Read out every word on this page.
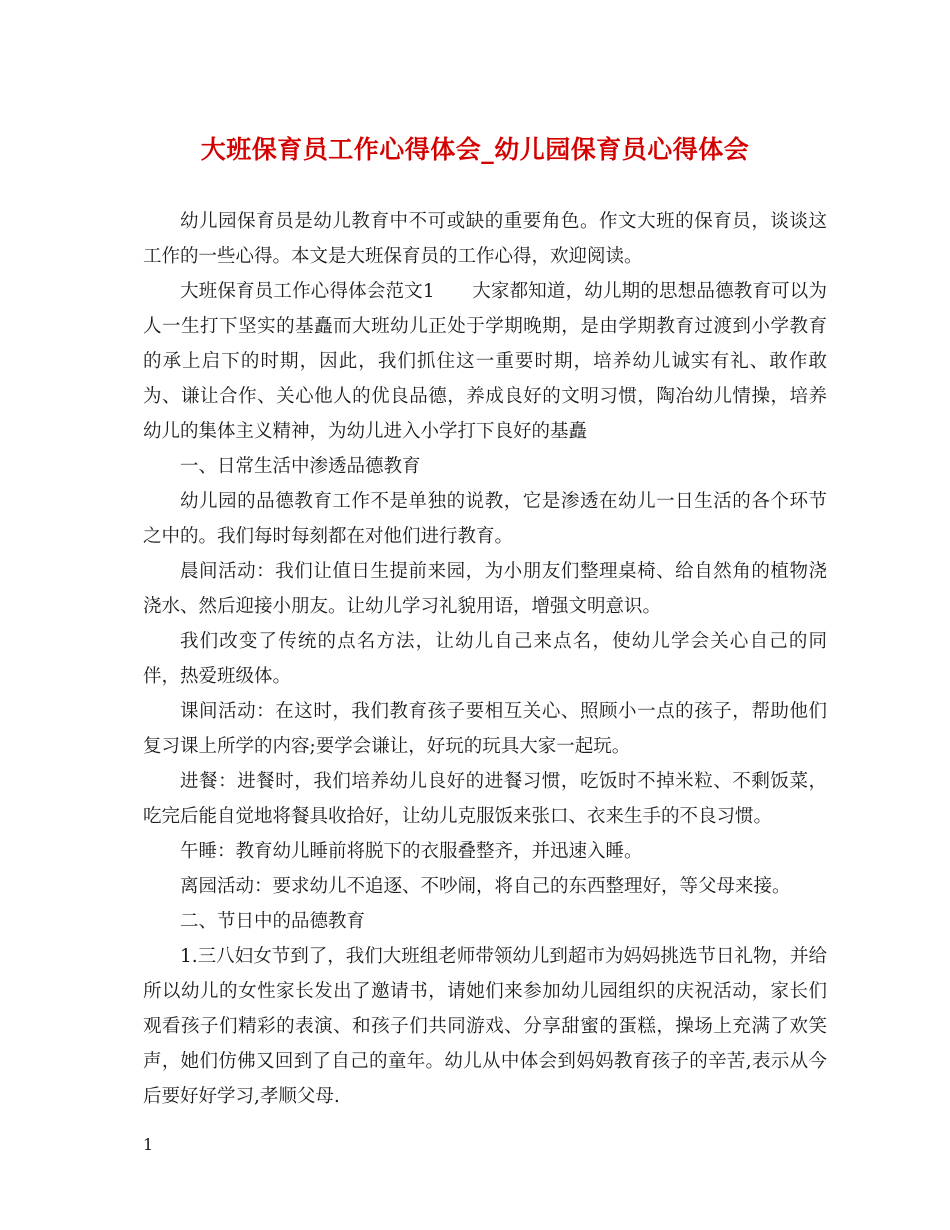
大班保育员工作心得体会_幼儿园保育员心得体会

幼儿园保育员是幼儿教育中不可或缺的重要角色。作文大班的保育员，谈谈这工作的一些心得。本文是大班保育员的工作心得，欢迎阅读。

大班保育员工作心得体会范文1　　大家都知道，幼儿期的思想品德教育可以为人一生打下坚实的基矗而大班幼儿正处于学期晚期，是由学期教育过渡到小学教育的承上启下的时期，因此，我们抓住这一重要时期，培养幼儿诚实有礼、敢作敢为、谦让合作、关心他人的优良品德，养成良好的文明习惯，陶冶幼儿情操，培养幼儿的集体主义精神，为幼儿进入小学打下良好的基矗

一、日常生活中渗透品德教育

幼儿园的品德教育工作不是单独的说教，它是渗透在幼儿一日生活的各个环节之中的。我们每时每刻都在对他们进行教育。

晨间活动：我们让值日生提前来园，为小朋友们整理桌椅、给自然角的植物浇浇水、然后迎接小朋友。让幼儿学习礼貌用语，增强文明意识。

我们改变了传统的点名方法，让幼儿自己来点名，使幼儿学会关心自己的同伴，热爱班级体。

课间活动：在这时，我们教育孩子要相互关心、照顾小一点的孩子，帮助他们复习课上所学的内容;要学会谦让，好玩的玩具大家一起玩。

进餐：进餐时，我们培养幼儿良好的进餐习惯，吃饭时不掉米粒、不剩饭菜，吃完后能自觉地将餐具收拾好，让幼儿克服饭来张口、衣来生手的不良习惯。

午睡：教育幼儿睡前将脱下的衣服叠整齐，并迅速入睡。

离园活动：要求幼儿不追逐、不吵闹，将自己的东西整理好，等父母来接。

二、节日中的品德教育

1.三八妇女节到了，我们大班组老师带领幼儿到超市为妈妈挑选节日礼物，并给所以幼儿的女性家长发出了邀请书，请她们来参加幼儿园组织的庆祝活动，家长们观看孩子们精彩的表演、和孩子们共同游戏、分享甜蜜的蛋糕，操场上充满了欢笑声，她们仿佛又回到了自己的童年。幼儿从中体会到妈妈教育孩子的辛苦,表示从今后要好好学习,孝顺父母.

1
